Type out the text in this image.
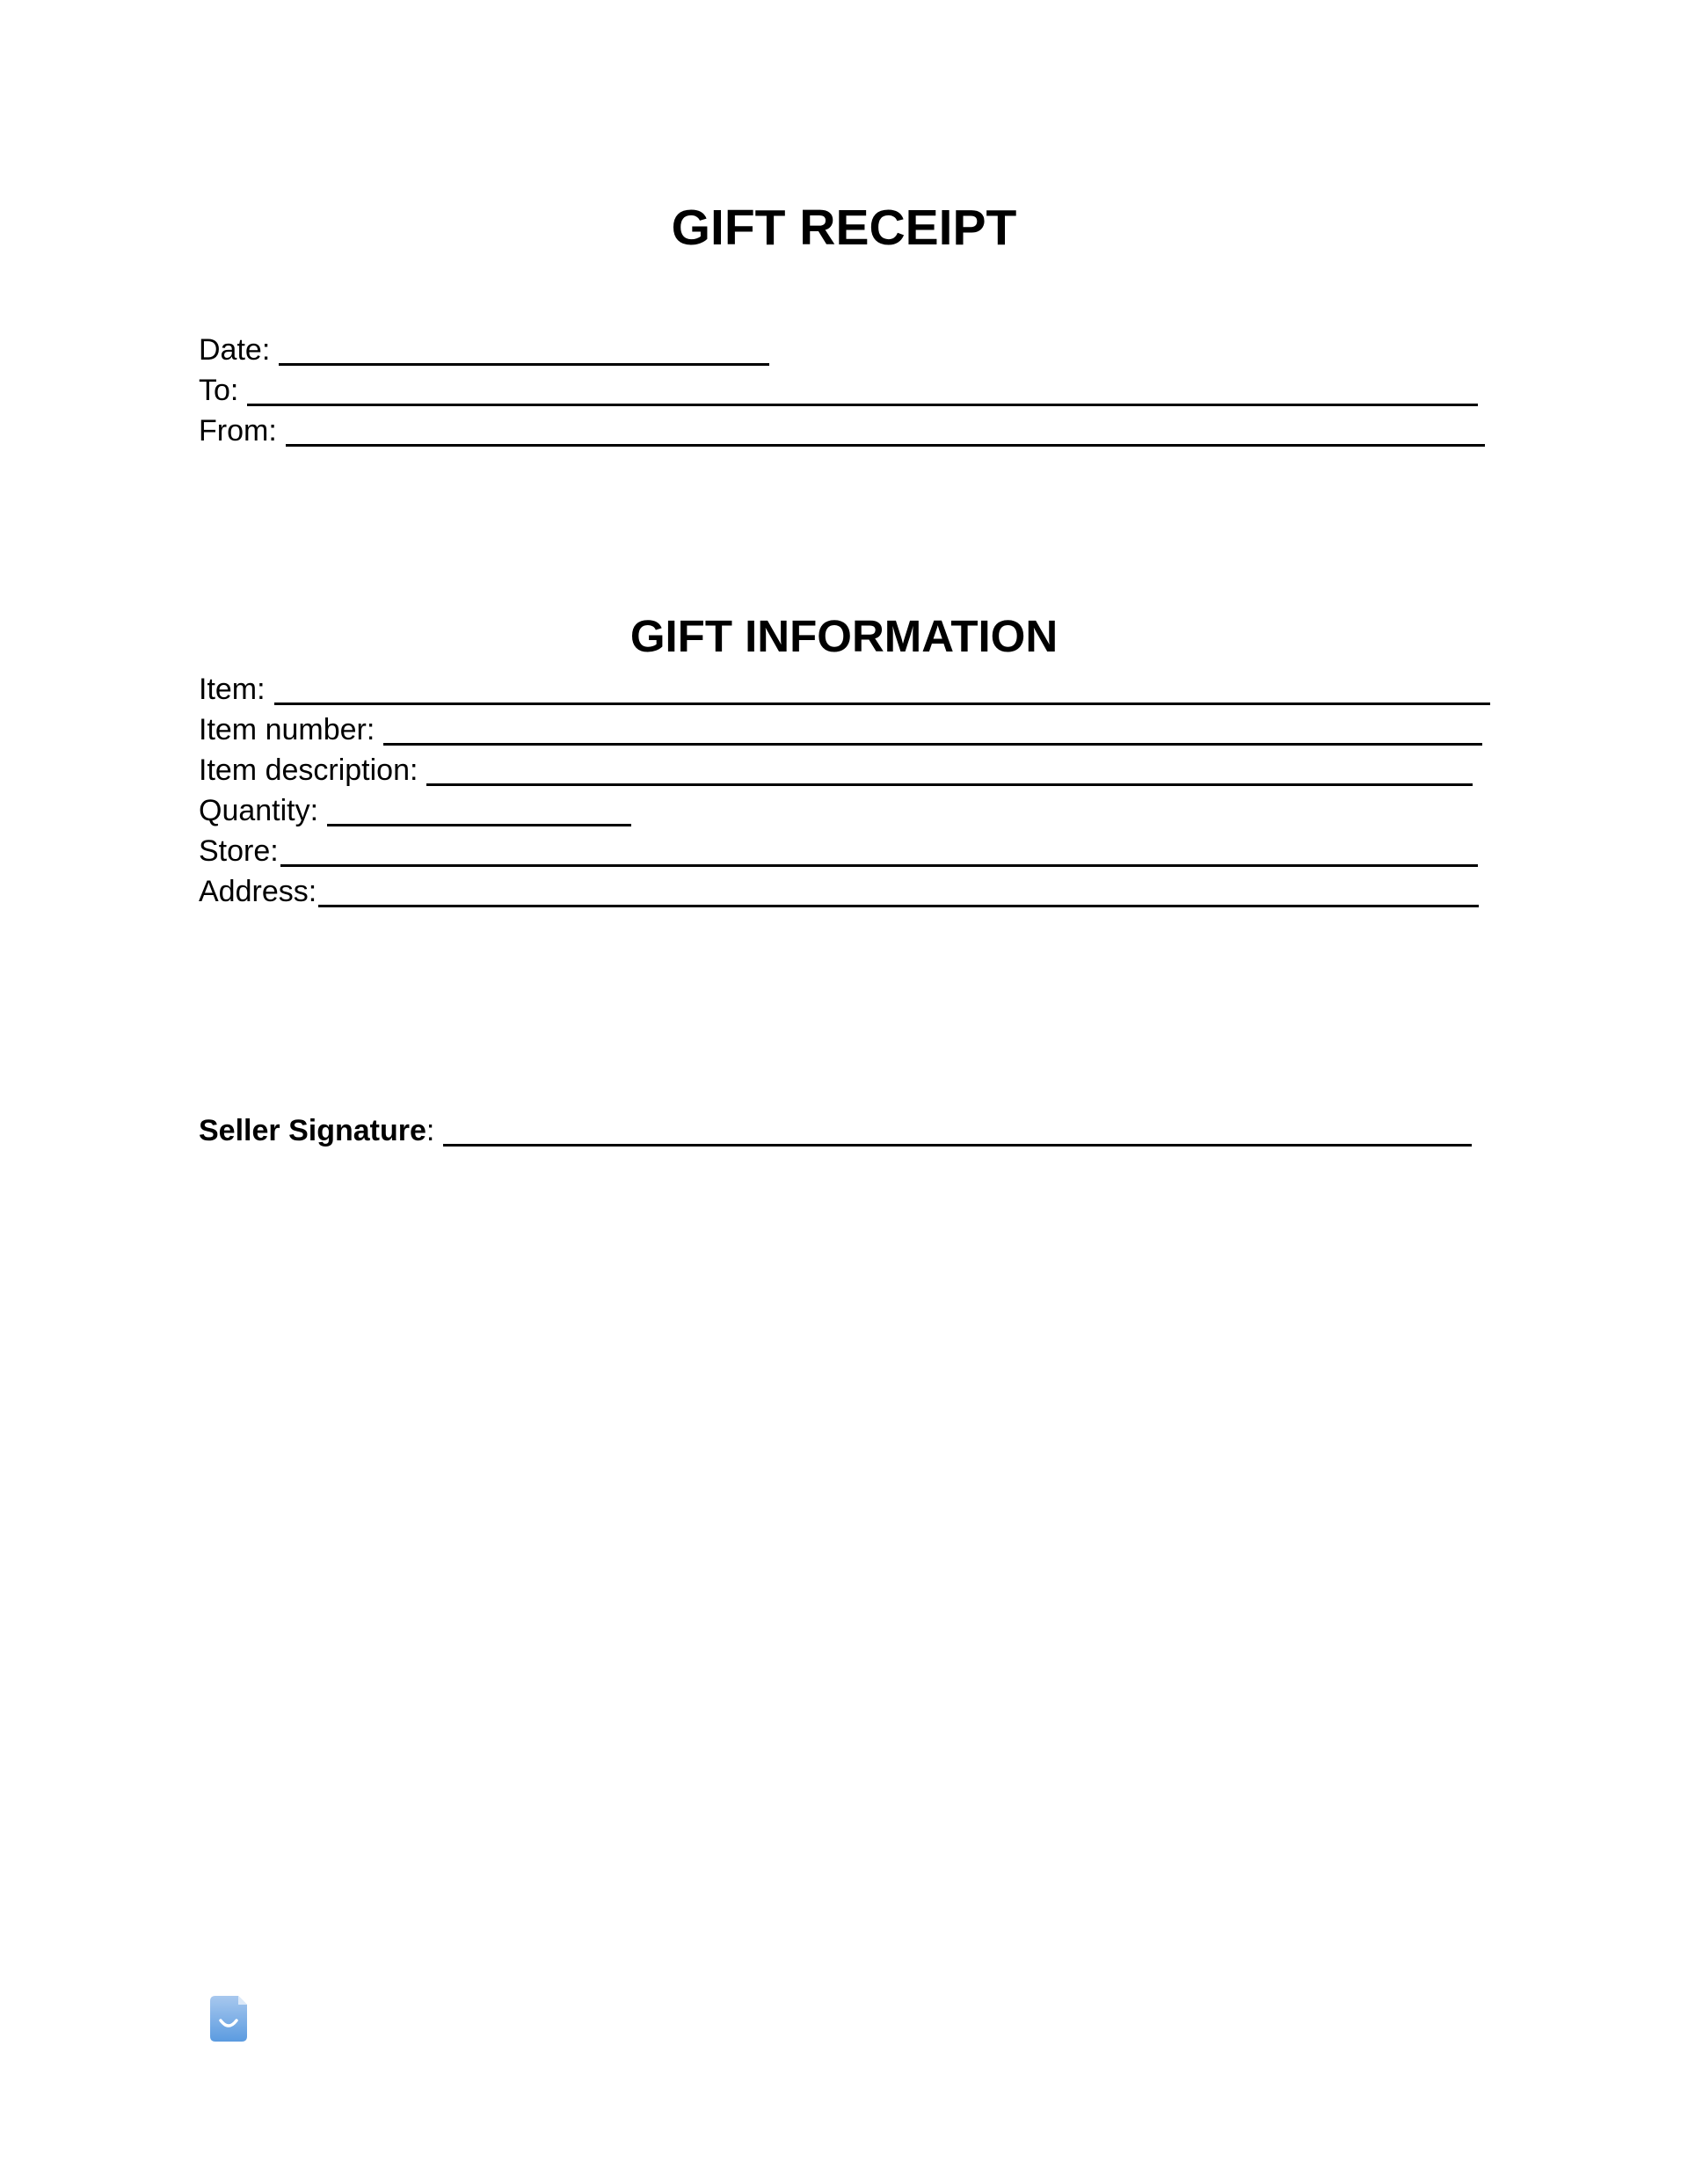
GIFT RECEIPT
Date:
To:
From:
GIFT INFORMATION
Item:
Item number:
Item description:
Quantity:
Store:
Address:
Seller Signature:
